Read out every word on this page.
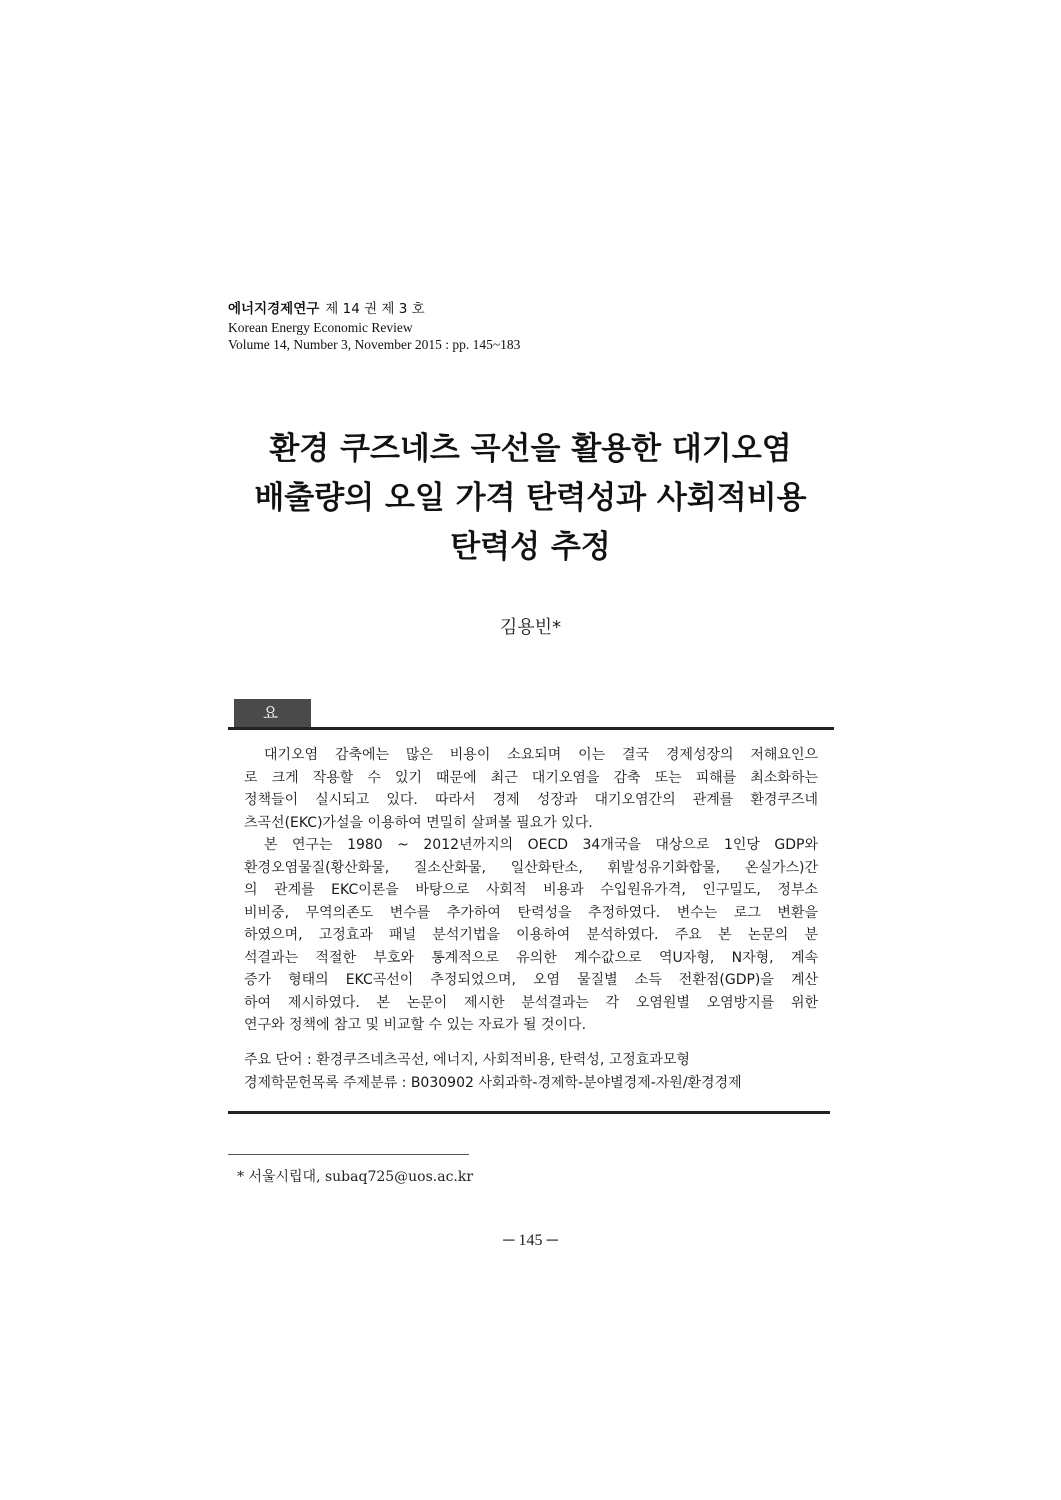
에너지경제연구 제 14 권 제 3 호
Korean Energy Economic Review
Volume 14, Number 3, November 2015 : pp. 145~183
환경 쿠즈네츠 곡선을 활용한 대기오염
배출량의 오일 가격 탄력성과 사회적비용
탄력성 추정
김용빈*
요 약
대기오염 감축에는 많은 비용이 소요되며 이는 결국 경제성장의 저해요인으
로 크게 작용할 수 있기 때문에 최근 대기오염을 감축 또는 피해를 최소화하는
정책들이 실시되고 있다. 따라서 경제 성장과 대기오염간의 관계를 환경쿠즈네
츠곡선(EKC)가설을 이용하여 면밀히 살펴볼 필요가 있다.
본 연구는 1980 ~ 2012년까지의 OECD 34개국을 대상으로 1인당 GDP와
환경오염물질(황산화물, 질소산화물, 일산화탄소, 휘발성유기화합물, 온실가스)간
의 관계를 EKC이론을 바탕으로 사회적 비용과 수입원유가격, 인구밀도, 정부소
비비중, 무역의존도 변수를 추가하여 탄력성을 추정하였다. 변수는 로그 변환을
하였으며, 고정효과 패널 분석기법을 이용하여 분석하였다. 주요 본 논문의 분
석결과는 적절한 부호와 통계적으로 유의한 계수값으로 역U자형, N자형, 계속
증가 형태의 EKC곡선이 추정되었으며, 오염 물질별 소득 전환점(GDP)을 계산
하여 제시하였다. 본 논문이 제시한 분석결과는 각 오염원별 오염방지를 위한
연구와 정책에 참고 및 비교할 수 있는 자료가 될 것이다.
주요 단어 : 환경쿠즈네츠곡선, 에너지, 사회적비용, 탄력성, 고정효과모형
경제학문헌목록 주제분류 : B030902 사회과학-경제학-분야별경제-자원/환경경제
* 서울시립대, subaq725@uos.ac.kr
─ 145 ─
